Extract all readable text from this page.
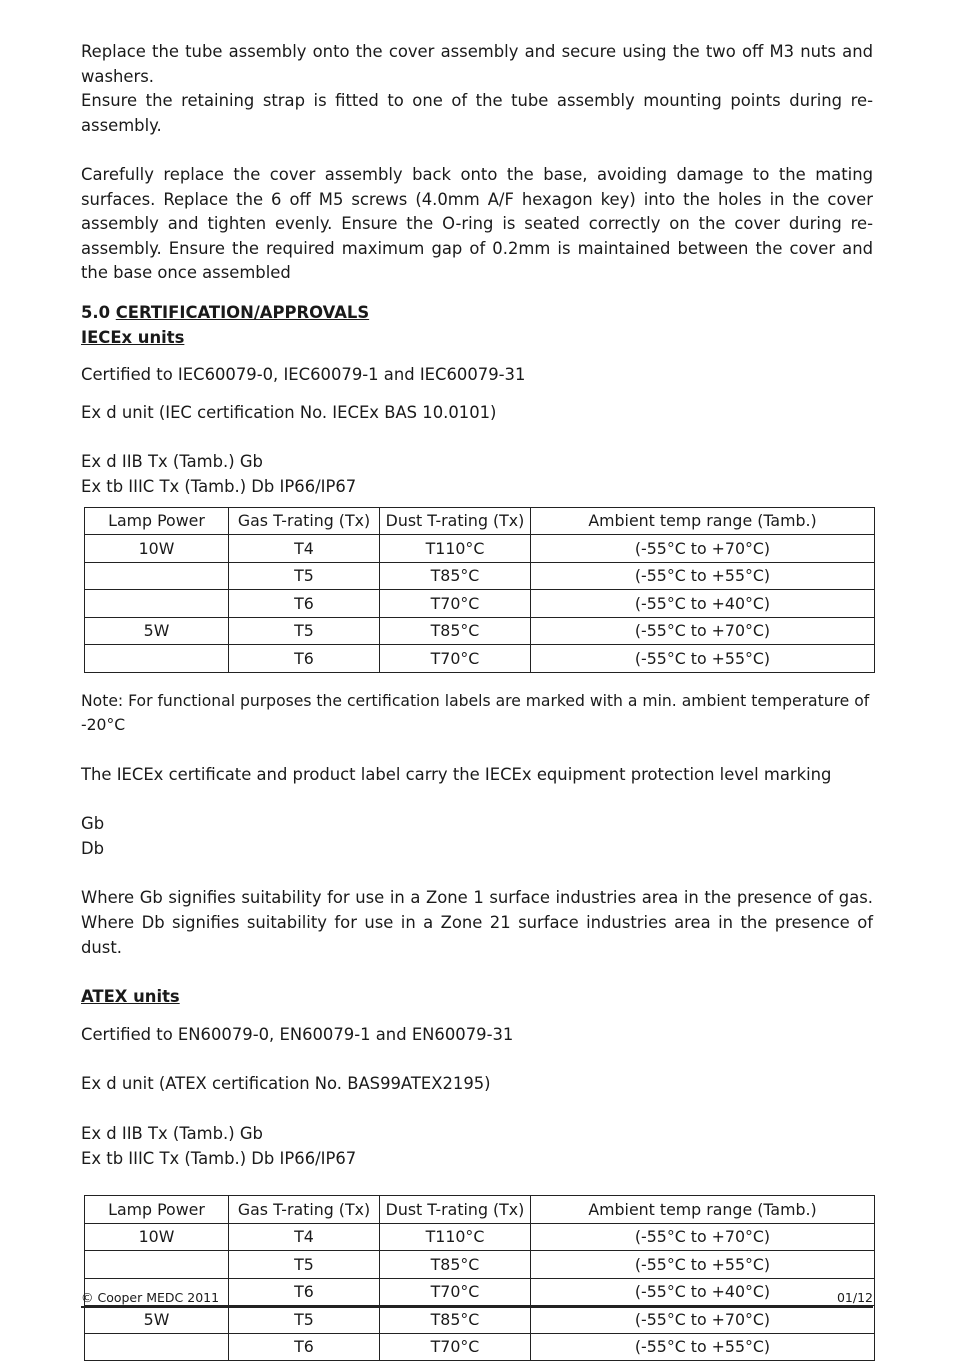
Replace the tube assembly onto the cover assembly and secure using the two off M3 nuts and washers.

Ensure the retaining strap is fitted to one of the tube assembly mounting points during re-assembly.

Carefully replace the cover assembly back onto the base, avoiding damage to the mating surfaces. Replace the 6 off M5 screws (4.0mm A/F hexagon key) into the holes in the cover assembly and tighten evenly. Ensure the O-ring is seated correctly on the cover during re-assembly. Ensure the required maximum gap of 0.2mm is maintained between the cover and the base once assembled

5.0 CERTIFICATION/APPROVALS
IECEx units

Certified to IEC60079-0, IEC60079-1 and IEC60079-31

Ex d unit (IEC certification No. IECEx BAS 10.0101)

Ex d IIB Tx (Tamb.) Gb

Ex tb IIIC Tx (Tamb.) Db IP66/IP67

Lamp Power	Gas T-rating (Tx)	Dust T-rating (Tx)	Ambient temp range (Tamb.)
10W	T4	T110°C	(-55°C to +70°C)
	T5	T85°C	(-55°C to +55°C)
	T6	T70°C	(-55°C to +40°C)
5W	T5	T85°C	(-55°C to +70°C)
	T6	T70°C	(-55°C to +55°C)

Note: For functional purposes the certification labels are marked with a min. ambient temperature of -20°C

The IECEx certificate and product label carry the IECEx equipment protection level marking

Gb

Db

Where Gb signifies suitability for use in a Zone 1 surface industries area in the presence of gas.

Where Db signifies suitability for use in a Zone 21 surface industries area in the presence of dust.

ATEX units

Certified to EN60079-0, EN60079-1 and EN60079-31

Ex d unit (ATEX certification No. BAS99ATEX2195)

Ex d IIB Tx (Tamb.) Gb

Ex tb IIIC Tx (Tamb.) Db IP66/IP67

Lamp Power	Gas T-rating (Tx)	Dust T-rating (Tx)	Ambient temp range (Tamb.)
10W	T4	T110°C	(-55°C to +70°C)
	T5	T85°C	(-55°C to +55°C)
	T6	T70°C	(-55°C to +40°C)
5W	T5	T85°C	(-55°C to +70°C)
	T6	T70°C	(-55°C to +55°C)
© Cooper MEDC 2011	01/12
